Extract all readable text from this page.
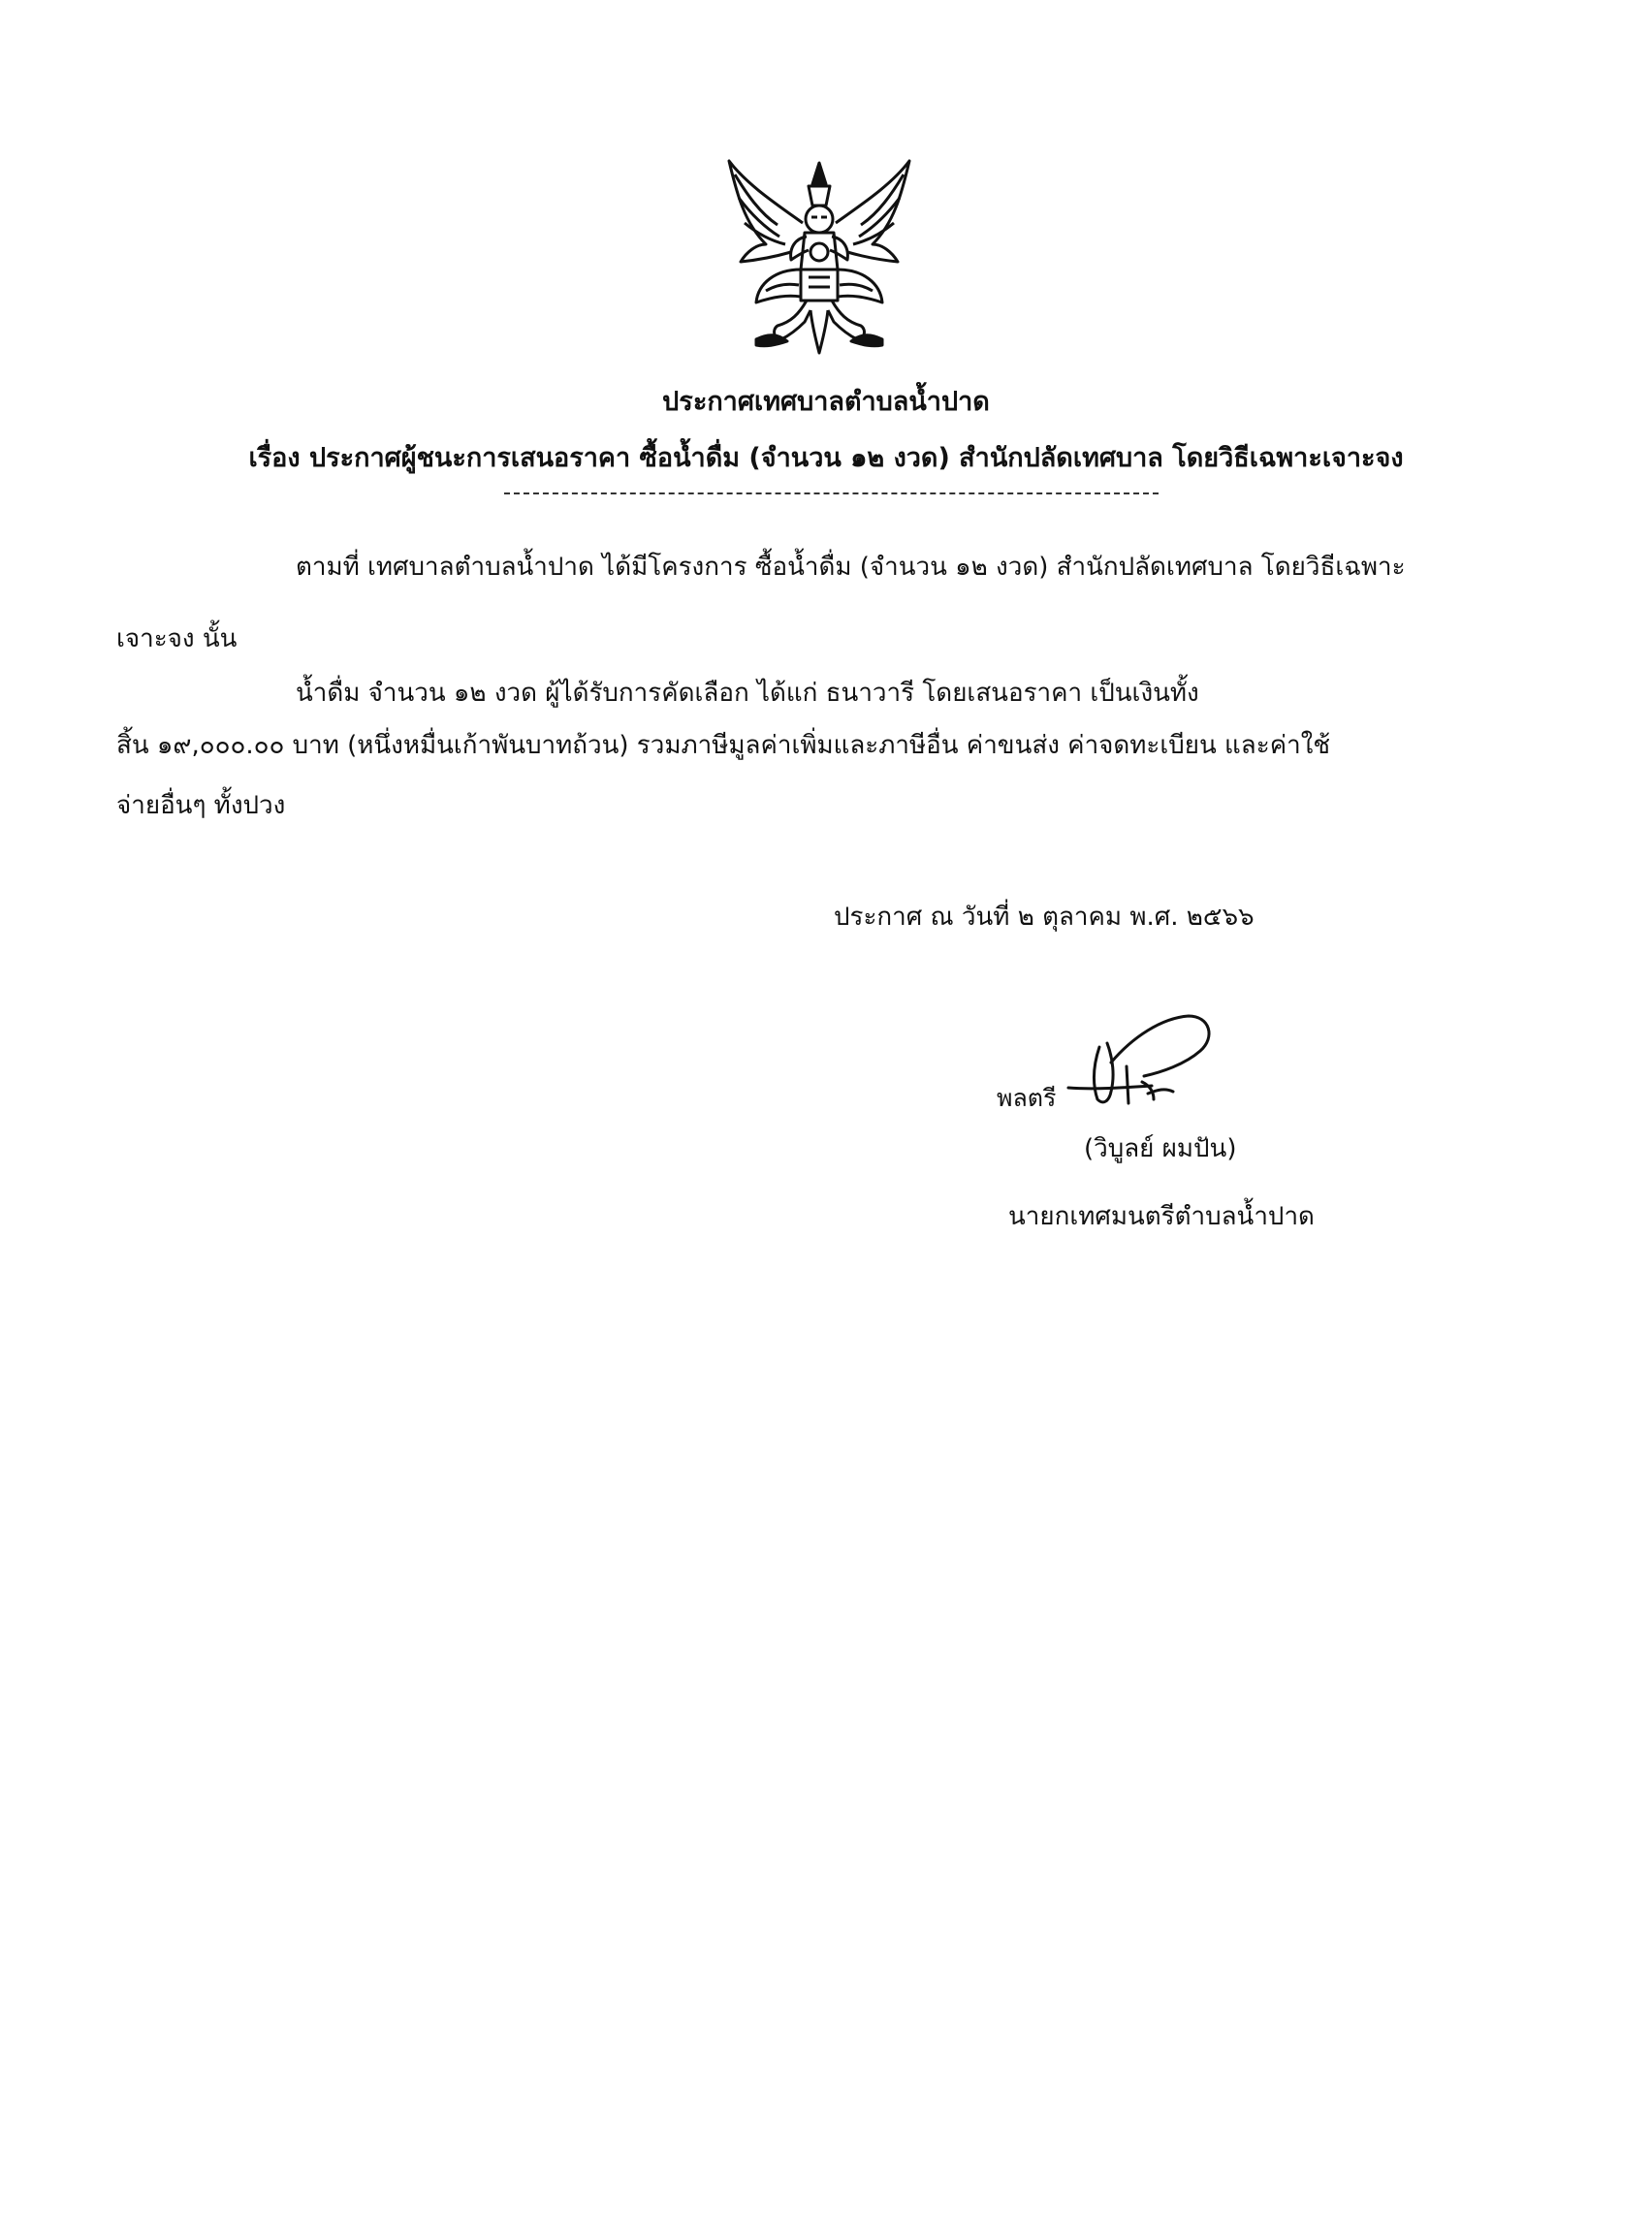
ประกาศเทศบาลตำบลน้ำปาด
เรื่อง ประกาศผู้ชนะการเสนอราคา ซื้อน้ำดื่ม (จำนวน ๑๒ งวด) สำนักปลัดเทศบาล โดยวิธีเฉพาะเจาะจง
ตามที่ เทศบาลตำบลน้ำปาด ได้มีโครงการ ซื้อน้ำดื่ม (จำนวน ๑๒ งวด) สำนักปลัดเทศบาล โดยวิธีเฉพาะ
เจาะจง นั้น
น้ำดื่ม จำนวน ๑๒ งวด ผู้ได้รับการคัดเลือก ได้แก่ ธนาวารี โดยเสนอราคา เป็นเงินทั้ง
สิ้น ๑๙,๐๐๐.๐๐ บาท (หนึ่งหมื่นเก้าพันบาทถ้วน) รวมภาษีมูลค่าเพิ่มและภาษีอื่น ค่าขนส่ง ค่าจดทะเบียน และค่าใช้
จ่ายอื่นๆ ทั้งปวง
ประกาศ ณ วันที่ ๒ ตุลาคม พ.ศ. ๒๕๖๖
พลตรี
(วิบูลย์ ผมปัน)
นายกเทศมนตรีตำบลน้ำปาด
